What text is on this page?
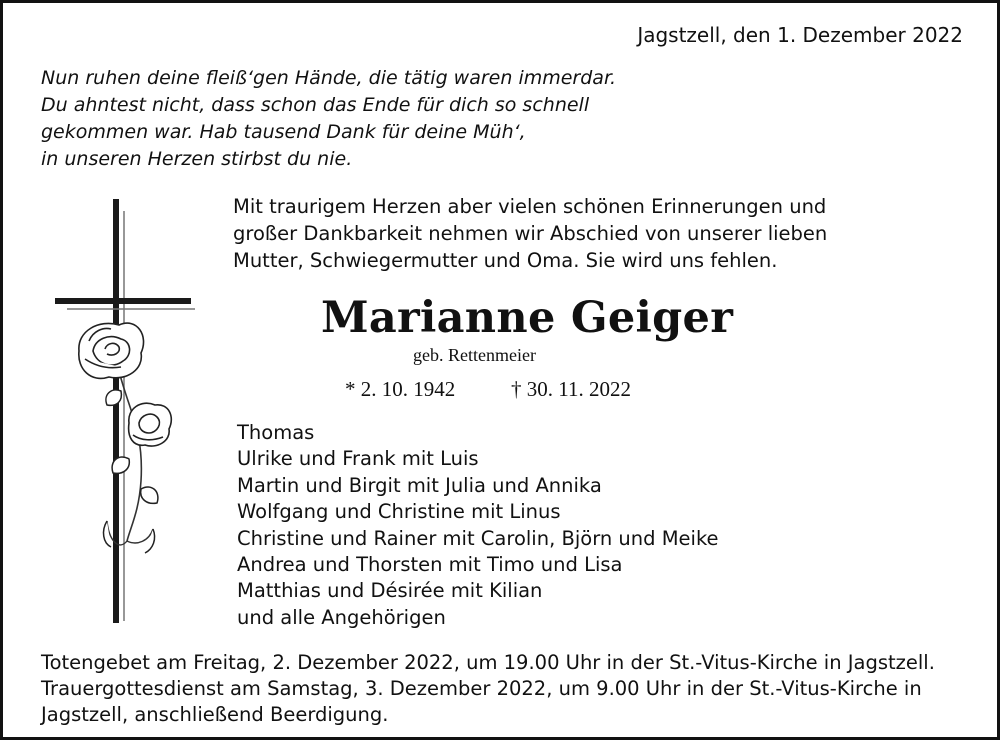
Jagstzell, den 1. Dezember 2022
Nun ruhen deine fleiß‘gen Hände, die tätig waren immerdar.
Du ahntest nicht, dass schon das Ende für dich so schnell
gekommen war. Hab tausend Dank für deine Müh‘,
in unseren Herzen stirbst du nie.
Mit traurigem Herzen aber vielen schönen Erinnerungen und
großer Dankbarkeit nehmen wir Abschied von unserer lieben
Mutter, Schwiegermutter und Oma. Sie wird uns fehlen.
Marianne Geiger
geb. Rettenmeier
* 2. 10. 1942	† 30. 11. 2022
Thomas
Ulrike und Frank mit Luis
Martin und Birgit mit Julia und Annika
Wolfgang und Christine mit Linus
Christine und Rainer mit Carolin, Björn und Meike
Andrea und Thorsten mit Timo und Lisa
Matthias und Désirée mit Kilian
und alle Angehörigen
Totengebet am Freitag, 2. Dezember 2022, um 19.00 Uhr in der St.-Vitus-Kirche in Jagstzell.
Trauergottesdienst am Samstag, 3. Dezember 2022, um 9.00 Uhr in der St.-Vitus-Kirche in
Jagstzell, anschließend Beerdigung.
